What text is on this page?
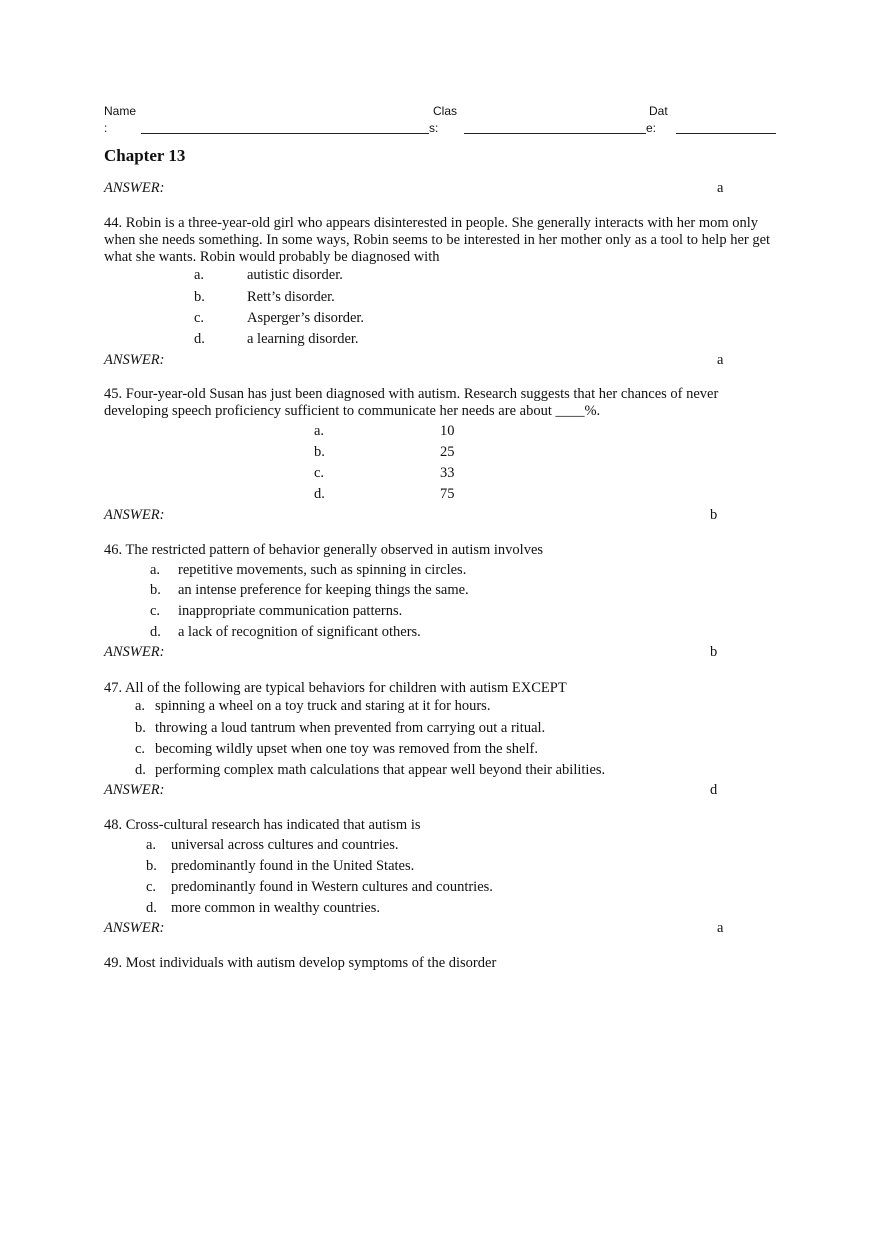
Name
:
Clas
s:
Dat
e:
Chapter 13
ANSWER:	a
44. Robin is a three-year-old girl who appears disinterested in people. She generally interacts with her mom only when she needs something. In some ways, Robin seems to be interested in her mother only as a tool to help her get what she wants. Robin would probably be diagnosed with
a.	autistic disorder.
b.	Rett’s disorder.
c.	Asperger’s disorder.
d.	a learning disorder.
ANSWER:	a
45. Four-year-old Susan has just been diagnosed with autism. Research suggests that her chances of never developing speech proficiency sufficient to communicate her needs are about ____%.
a.	10
b.	25
c.	33
d.	75
ANSWER:	b
46. The restricted pattern of behavior generally observed in autism involves
a. repetitive movements, such as spinning in circles.
b. an intense preference for keeping things the same.
c. inappropriate communication patterns.
d. a lack of recognition of significant others.
ANSWER:	b
47. All of the following are typical behaviors for children with autism EXCEPT
a. spinning a wheel on a toy truck and staring at it for hours.
b. throwing a loud tantrum when prevented from carrying out a ritual.
c. becoming wildly upset when one toy was removed from the shelf.
d. performing complex math calculations that appear well beyond their abilities.
ANSWER:	d
48. Cross-cultural research has indicated that autism is
a. universal across cultures and countries.
b. predominantly found in the United States.
c. predominantly found in Western cultures and countries.
d. more common in wealthy countries.
ANSWER:	a
49. Most individuals with autism develop symptoms of the disorder
